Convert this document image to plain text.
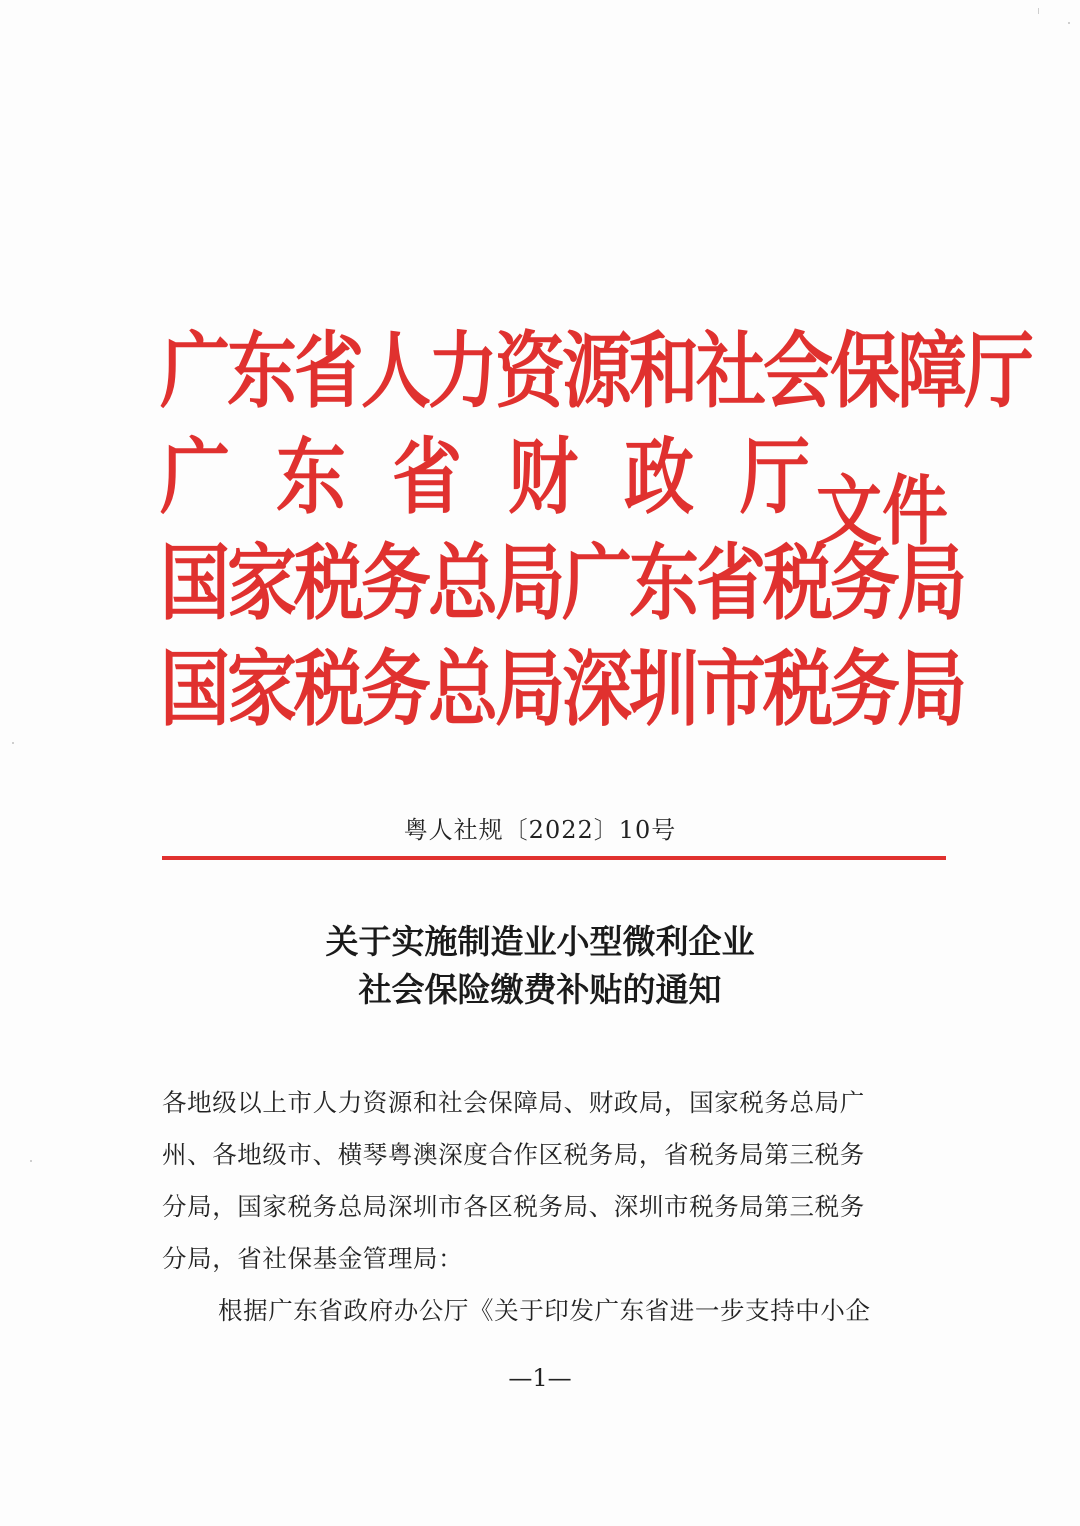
广东省人力资源和社会保障厅
广东省财政厅
国家税务总局广东省税务局
国家税务总局深圳市税务局
文件
粤人社规〔2022〕10号
关于实施制造业小型微利企业
社会保险缴费补贴的通知

各地级以上市人力资源和社会保障局、财政局，国家税务总局广

州、各地级市、横琴粤澳深度合作区税务局，省税务局第三税务

分局，国家税务总局深圳市各区税务局、深圳市税务局第三税务

分局，省社保基金管理局：

根据广东省政府办公厅《关于印发广东省进一步支持中小企

—1—
